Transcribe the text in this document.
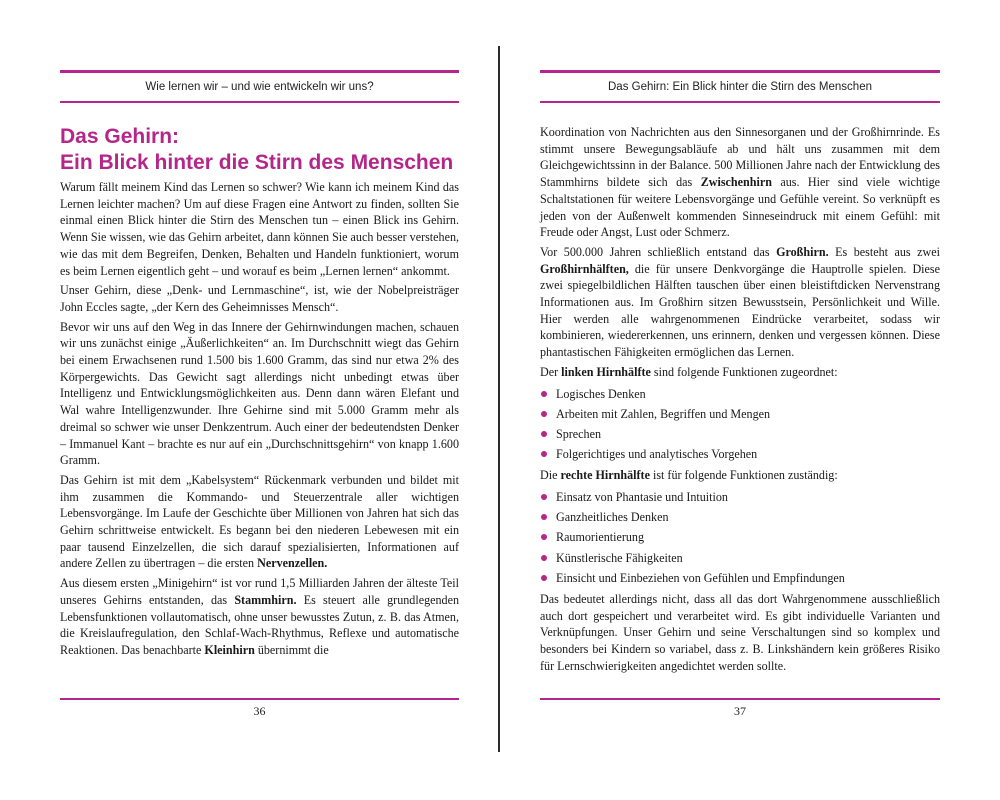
Wie lernen wir – und wie entwickeln wir uns?
Das Gehirn:
Ein Blick hinter die Stirn des Menschen

Warum fällt meinem Kind das Lernen so schwer? Wie kann ich meinem Kind das Lernen leichter machen? Um auf diese Fragen eine Antwort zu finden, sollten Sie einmal einen Blick hinter die Stirn des Menschen tun – einen Blick ins Gehirn. Wenn Sie wissen, wie das Gehirn arbeitet, dann können Sie auch besser verstehen, wie das mit dem Begreifen, Denken, Behalten und Handeln funktioniert, worum es beim Lernen eigentlich geht – und worauf es beim „Lernen lernen“ ankommt.

Unser Gehirn, diese „Denk- und Lernmaschine“, ist, wie der Nobelpreisträger John Eccles sagte, „der Kern des Geheimnisses Mensch“.

Bevor wir uns auf den Weg in das Innere der Gehirnwindungen machen, schauen wir uns zunächst einige „Äußerlichkeiten“ an. Im Durchschnitt wiegt das Gehirn bei einem Erwachsenen rund 1.500 bis 1.600 Gramm, das sind nur etwa 2% des Körpergewichts. Das Gewicht sagt allerdings nicht unbedingt etwas über Intelligenz und Entwicklungsmöglichkeiten aus. Denn dann wären Elefant und Wal wahre Intelligenzwunder. Ihre Gehirne sind mit 5.000 Gramm mehr als dreimal so schwer wie unser Denkzentrum. Auch einer der bedeutendsten Denker – Immanuel Kant – brachte es nur auf ein „Durchschnittsgehirn“ von knapp 1.600 Gramm.

Das Gehirn ist mit dem „Kabelsystem“ Rückenmark verbunden und bildet mit ihm zusammen die Kommando- und Steuerzentrale aller wichtigen Lebensvorgänge. Im Laufe der Geschichte über Millionen von Jahren hat sich das Gehirn schrittweise entwickelt. Es begann bei den niederen Lebewesen mit ein paar tausend Einzelzellen, die sich darauf spezialisierten, Informationen auf andere Zellen zu übertragen – die ersten Nervenzellen.

Aus diesem ersten „Minigehirn“ ist vor rund 1,5 Milliarden Jahren der älteste Teil unseres Gehirns entstanden, das Stammhirn. Es steuert alle grundlegenden Lebensfunktionen vollautomatisch, ohne unser bewusstes Zutun, z. B. das Atmen, die Kreislaufregulation, den Schlaf-Wach-Rhythmus, Reflexe und automatische Reaktionen. Das benachbarte Kleinhirn übernimmt die

36
Das Gehirn: Ein Blick hinter die Stirn des Menschen

Koordination von Nachrichten aus den Sinnesorganen und der Großhirnrinde. Es stimmt unsere Bewegungsabläufe ab und hält uns zusammen mit dem Gleichgewichtssinn in der Balance. 500 Millionen Jahre nach der Entwicklung des Stammhirns bildete sich das Zwischenhirn aus. Hier sind viele wichtige Schaltstationen für weitere Lebensvorgänge und Gefühle vereint. So verknüpft es jeden von der Außenwelt kommenden Sinneseindruck mit einem Gefühl: mit Freude oder Angst, Lust oder Schmerz.

Vor 500.000 Jahren schließlich entstand das Großhirn. Es besteht aus zwei Großhirnhälften, die für unsere Denkvorgänge die Hauptrolle spielen. Diese zwei spiegelbildlichen Hälften tauschen über einen bleistiftdicken Nervenstrang Informationen aus. Im Großhirn sitzen Bewusstsein, Persönlichkeit und Wille. Hier werden alle wahrgenommenen Eindrücke verarbeitet, sodass wir kombinieren, wiedererkennen, uns erinnern, denken und vergessen können. Diese phantastischen Fähigkeiten ermöglichen das Lernen.

Der linken Hirnhälfte sind folgende Funktionen zugeordnet:

Logisches Denken
Arbeiten mit Zahlen, Begriffen und Mengen
Sprechen
Folgerichtiges und analytisches Vorgehen

Die rechte Hirnhälfte ist für folgende Funktionen zuständig:

Einsatz von Phantasie und Intuition
Ganzheitliches Denken
Raumorientierung
Künstlerische Fähigkeiten
Einsicht und Einbeziehen von Gefühlen und Empfindungen

Das bedeutet allerdings nicht, dass all das dort Wahrgenommene ausschließlich auch dort gespeichert und verarbeitet wird. Es gibt individuelle Varianten und Verknüpfungen. Unser Gehirn und seine Verschaltungen sind so komplex und besonders bei Kindern so variabel, dass z. B. Linkshändern kein größeres Risiko für Lernschwierigkeiten angedichtet werden sollte.

37
